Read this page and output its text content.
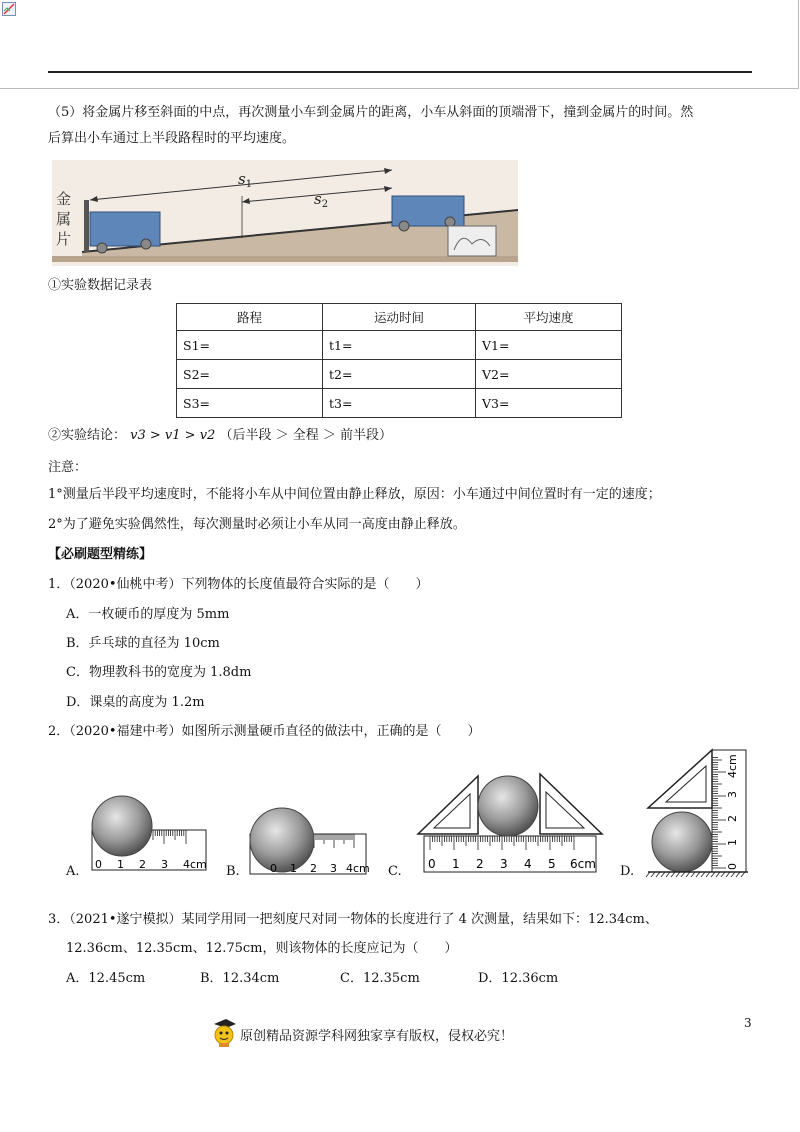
（5）将金属片移至斜面的中点，再次测量小车到金属片的距离，小车从斜面的顶端滑下，撞到金属片的时间。然
后算出小车通过上半段路程时的平均速度。
金
属
片
$s_1$
$s_2$
①实验数据记录表
路程	运动时间	平均速度
S1=	t1=	V1=
S2=	t2=	V2=
S3=	t3=	V3=
②实验结论： v3 > v1 > v2 （后半段 ＞ 全程 ＞ 前半段）
注意：
1°测量后半段平均速度时，不能将小车从中间位置由静止释放，原因：小车通过中间位置时有一定的速度；
2°为了避免实验偶然性，每次测量时必须让小车从同一高度由静止释放。
【必刷题型精练】
1．（2020•仙桃中考）下列物体的长度值最符合实际的是（　　）
A．一枚硬币的厚度为 5mm
B．乒乓球的直径为 10cm
C．物理教科书的宽度为 1.8dm
D．课桌的高度为 1.2m
2．（2020•福建中考）如图所示测量硬币直径的做法中，正确的是（　　）
0 1 2 3 4cm
A.	0 1 2 3 4cm
B.	0 1 2 3 4 5 6cm
C.	0
1
2
3
4cm
D.
3．（2021•遂宁模拟）某同学用同一把刻度尺对同一物体的长度进行了 4 次测量，结果如下：12.34cm、
12.36cm、12.35cm、12.75cm，则该物体的长度应记为（　　）
A．12.45cm	B．12.34cm	C．12.35cm	D．12.36cm
3
原创精品资源学科网独家享有版权，侵权必究！
